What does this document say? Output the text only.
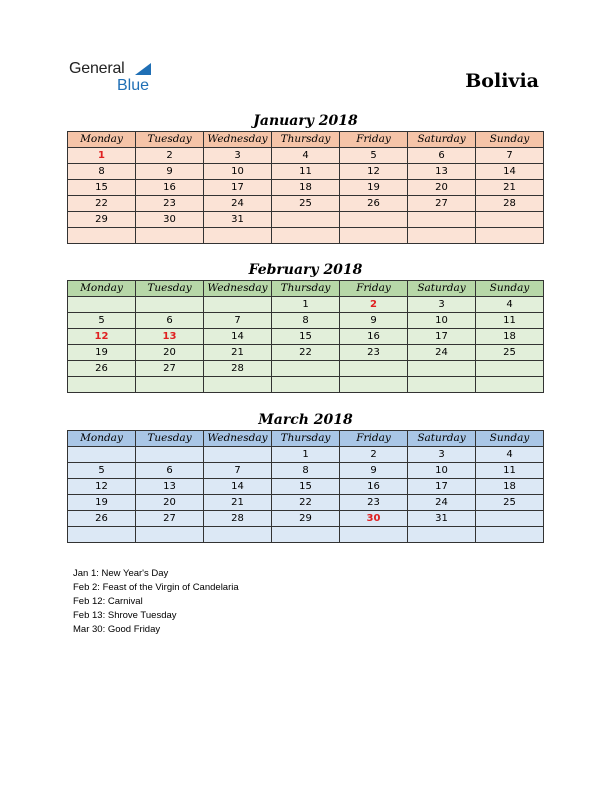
General
Blue	Bolivia
January 2018
Monday	Tuesday	Wednesday	Thursday	Friday	Saturday	Sunday
1	2	3	4	5	6	7
8	9	10	11	12	13	14
15	16	17	18	19	20	21
22	23	24	25	26	27	28
29	30	31				

February 2018
Monday	Tuesday	Wednesday	Thursday	Friday	Saturday	Sunday
			1	2	3	4
5	6	7	8	9	10	11
12	13	14	15	16	17	18
19	20	21	22	23	24	25
26	27	28				

March 2018
Monday	Tuesday	Wednesday	Thursday	Friday	Saturday	Sunday
			1	2	3	4
5	6	7	8	9	10	11
12	13	14	15	16	17	18
19	20	21	22	23	24	25
26	27	28	29	30	31	

Jan 1: New Year's Day
Feb 2: Feast of the Virgin of Candelaria
Feb 12: Carnival
Feb 13: Shrove Tuesday
Mar 30: Good Friday
